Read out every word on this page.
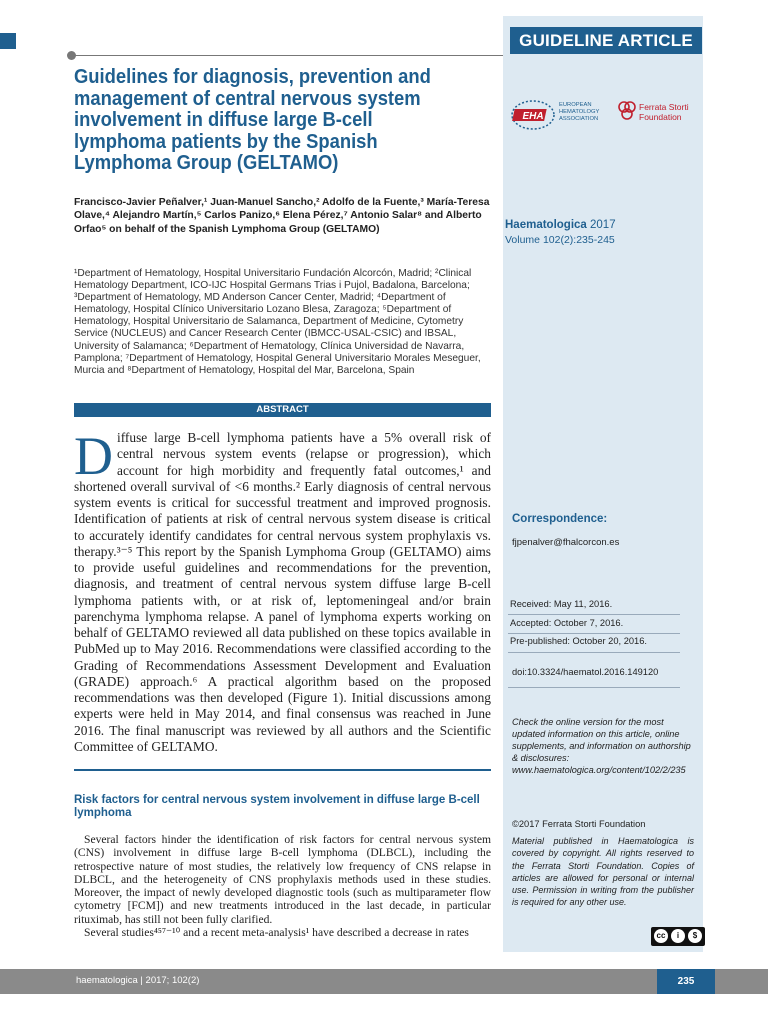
GUIDELINE ARTICLE
Guidelines for diagnosis, prevention and management of central nervous system involvement in diffuse large B-cell lymphoma patients by the Spanish Lymphoma Group (GELTAMO)
Francisco-Javier Peñalver,¹ Juan-Manuel Sancho,² Adolfo de la Fuente,³ María-Teresa Olave,⁴ Alejandro Martín,⁵ Carlos Panizo,⁶ Elena Pérez,⁷ Antonio Salar⁸ and Alberto Orfao⁵ on behalf of the Spanish Lymphoma Group (GELTAMO)
¹Department of Hematology, Hospital Universitario Fundación Alcorcón, Madrid; ²Clinical Hematology Department, ICO-IJC Hospital Germans Trias i Pujol, Badalona, Barcelona; ³Department of Hematology, MD Anderson Cancer Center, Madrid; ⁴Department of Hematology, Hospital Clínico Universitario Lozano Blesa, Zaragoza; ⁵Department of Hematology, Hospital Universitario de Salamanca, Department of Medicine, Cytometry Service (NUCLEUS) and Cancer Research Center (IBMCC-USAL-CSIC) and IBSAL, University of Salamanca; ⁶Department of Hematology, Clínica Universidad de Navarra, Pamplona; ⁷Department of Hematology, Hospital General Universitario Morales Meseguer, Murcia and ⁸Department of Hematology, Hospital del Mar, Barcelona, Spain
ABSTRACT

Diffuse large B-cell lymphoma patients have a 5% overall risk of central nervous system events (relapse or progression), which account for high morbidity and frequently fatal outcomes,¹ and shortened overall survival of <6 months.² Early diagnosis of central nervous system events is critical for successful treatment and improved prognosis. Identification of patients at risk of central nervous system disease is critical to accurately identify candidates for central nervous system prophylaxis vs. therapy.³⁻⁵ This report by the Spanish Lymphoma Group (GELTAMO) aims to provide useful guidelines and recommendations for the prevention, diagnosis, and treatment of central nervous system diffuse large B-cell lymphoma patients with, or at risk of, leptomeningeal and/or brain parenchyma lymphoma relapse. A panel of lymphoma experts working on behalf of GELTAMO reviewed all data published on these topics available in PubMed up to May 2016. Recommendations were classified according to the Grading of Recommendations Assessment Development and Evaluation (GRADE) approach.⁶ A practical algorithm based on the proposed recommendations was then developed (Figure 1). Initial discussions among experts were held in May 2014, and final consensus was reached in June 2016. The final manuscript was reviewed by all authors and the Scientific Committee of GELTAMO.

Risk factors for central nervous system involvement in diffuse large B-cell lymphoma

Several factors hinder the identification of risk factors for central nervous system (CNS) involvement in diffuse large B-cell lymphoma (DLBCL), including the retrospective nature of most studies, the relatively low frequency of CNS relapse in DLBCL, and the heterogeneity of CNS prophylaxis methods used in these studies. Moreover, the impact of newly developed diagnostic tools (such as multiparameter flow cytometry [FCM]) and new treatments introduced in the last decade, in particular rituximab, has still not been fully clarified.

Several studies⁴⁵⁷⁻¹⁰ and a recent meta-analysis¹ have described a decrease in rates

EHA
EUROPEAN
HEMATOLOGY
ASSOCIATION
Ferrata Storti
Foundation
Haematologica 2017
Volume 102(2):235-245
Correspondence:
fjpenalver@fhalcorcon.es
Received: May 11, 2016.
Accepted: October 7, 2016.
Pre-published: October 20, 2016.
doi:10.3324/haematol.2016.149120
Check the online version for the most updated information on this article, online supplements, and information on authorship & disclosures: www.haematologica.org/content/102/2/235
©2017 Ferrata Storti Foundation
Material published in Haematologica is covered by copyright. All rights reserved to the Ferrata Storti Foundation. Copies of articles are allowed for personal or internal use. Permission in writing from the publisher is required for any other use.
cc	i	$
haematologica | 2017; 102(2)	235
